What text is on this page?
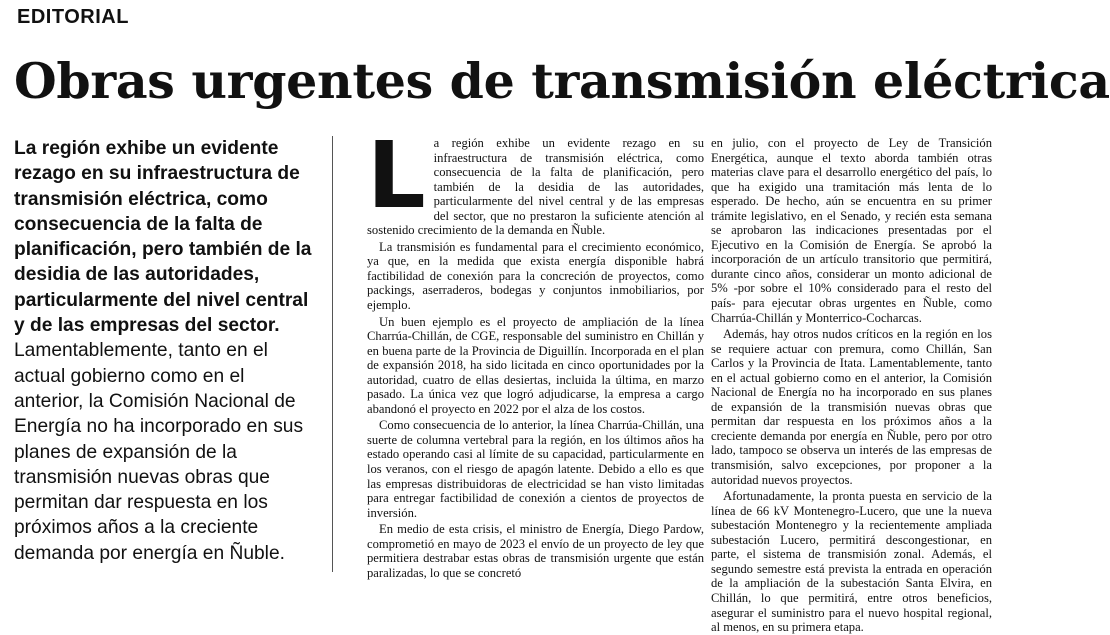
EDITORIAL
Obras urgentes de transmisión eléctrica
La región exhibe un evidente rezago en su infraestructura de transmisión eléctrica, como consecuencia de la falta de planificación, pero también de la desidia de las autoridades, particularmente del nivel central y de las empresas del sector. Lamentablemente, tanto en el actual gobierno como en el anterior, la Comisión Nacional de Energía no ha incorporado en sus planes de expansión de la transmisión nuevas obras que permitan dar respuesta en los próximos años a la creciente demanda por energía en Ñuble.

La región exhibe un evidente rezago en su infraestructura de transmisión eléctrica, como consecuencia de la falta de planificación, pero también de la desidia de las autoridades, particularmente del nivel central y de las empresas del sector, que no prestaron la suficiente atención al sostenido crecimiento de la demanda en Ñuble.

La transmisión es fundamental para el crecimiento económico, ya que, en la medida que exista energía disponible habrá factibilidad de conexión para la concreción de proyectos, como packings, aserraderos, bodegas y conjuntos inmobiliarios, por ejemplo.

Un buen ejemplo es el proyecto de ampliación de la línea Charrúa-Chillán, de CGE, responsable del suministro en Chillán y en buena parte de la Provincia de Diguillín. Incorporada en el plan de expansión 2018, ha sido licitada en cinco oportunidades por la autoridad, cuatro de ellas desiertas, incluida la última, en marzo pasado. La única vez que logró adjudicarse, la empresa a cargo abandonó el proyecto en 2022 por el alza de los costos.

Como consecuencia de lo anterior, la línea Charrúa-Chillán, una suerte de columna vertebral para la región, en los últimos años ha estado operando casi al límite de su capacidad, particularmente en los veranos, con el riesgo de apagón latente. Debido a ello es que las empresas distribuidoras de electricidad se han visto limitadas para entregar factibilidad de conexión a cientos de proyectos de inversión.

En medio de esta crisis, el ministro de Energía, Diego Pardow, comprometió en mayo de 2023 el envío de un proyecto de ley que permitiera destrabar estas obras de transmisión urgente que están paralizadas, lo que se concretó

en julio, con el proyecto de Ley de Transición Energética, aunque el texto aborda también otras materias clave para el desarrollo energético del país, lo que ha exigido una tramitación más lenta de lo esperado. De hecho, aún se encuentra en su primer trámite legislativo, en el Senado, y recién esta semana se aprobaron las indicaciones presentadas por el Ejecutivo en la Comisión de Energía. Se aprobó la incorporación de un artículo transitorio que permitirá, durante cinco años, considerar un monto adicional de 5% -por sobre el 10% considerado para el resto del país- para ejecutar obras urgentes en Ñuble, como Charrúa-Chillán y Monterrico-Cocharcas.

Además, hay otros nudos críticos en la región en los se requiere actuar con premura, como Chillán, San Carlos y la Provincia de Itata. Lamentablemente, tanto en el actual gobierno como en el anterior, la Comisión Nacional de Energía no ha incorporado en sus planes de expansión de la transmisión nuevas obras que permitan dar respuesta en los próximos años a la creciente demanda por energía en Ñuble, pero por otro lado, tampoco se observa un interés de las empresas de transmisión, salvo excepciones, por proponer a la autoridad nuevos proyectos.

Afortunadamente, la pronta puesta en servicio de la línea de 66 kV Montenegro-Lucero, que une la nueva subestación Montenegro y la recientemente ampliada subestación Lucero, permitirá descongestionar, en parte, el sistema de transmisión zonal. Además, el segundo semestre está prevista la entrada en operación de la ampliación de la subestación Santa Elvira, en Chillán, lo que permitirá, entre otros beneficios, asegurar el suministro para el nuevo hospital regional, al menos, en su primera etapa.
